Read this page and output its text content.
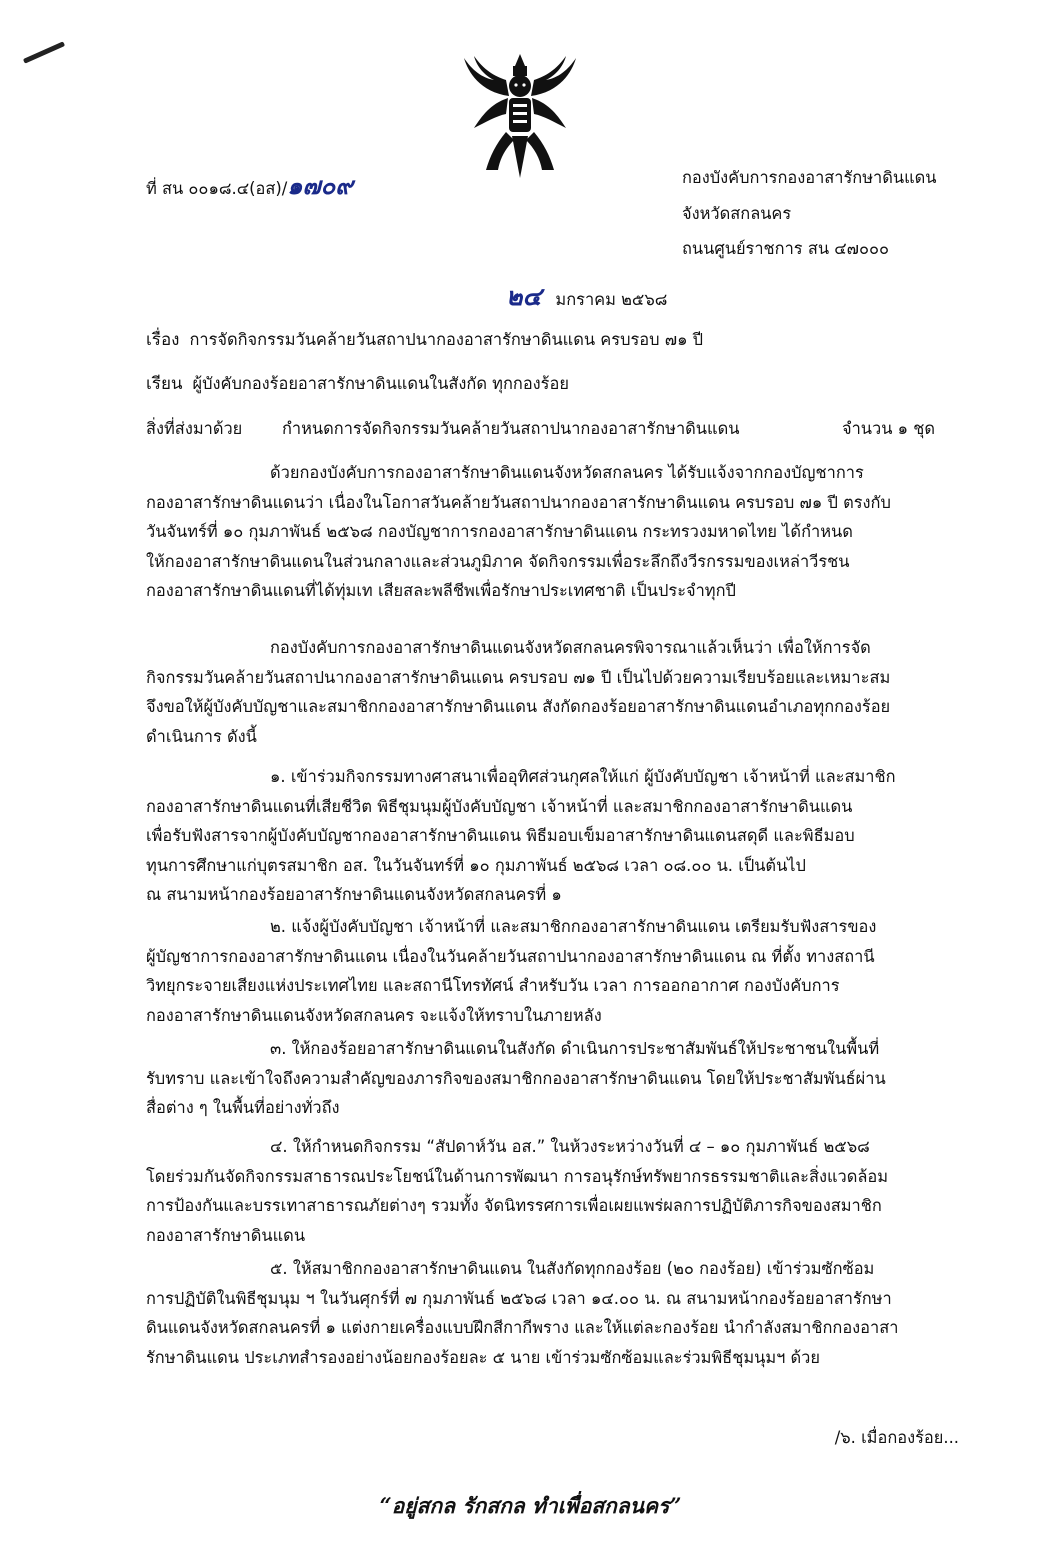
ที่ สน ๐๐๑๘.๔(อส)/๑๗๐๙	กองบังคับการกองอาสารักษาดินแดน
จังหวัดสกลนคร
ถนนศูนย์ราชการ สน ๔๗๐๐๐
๒๔ มกราคม ๒๕๖๘
เรื่อง การจัดกิจกรรมวันคล้ายวันสถาปนากองอาสารักษาดินแดน ครบรอบ ๗๑ ปี
เรียน ผู้บังคับกองร้อยอาสารักษาดินแดนในสังกัด ทุกกองร้อย
สิ่งที่ส่งมาด้วย กำหนดการจัดกิจกรรมวันคล้ายวันสถาปนากองอาสารักษาดินแดน	จำนวน ๑ ชุด

ด้วยกองบังคับการกองอาสารักษาดินแดนจังหวัดสกลนคร ได้รับแจ้งจากกองบัญชาการ

กองอาสารักษาดินแดนว่า เนื่องในโอกาสวันคล้ายวันสถาปนากองอาสารักษาดินแดน ครบรอบ ๗๑ ปี ตรงกับ

วันจันทร์ที่ ๑๐ กุมภาพันธ์ ๒๕๖๘ กองบัญชาการกองอาสารักษาดินแดน กระทรวงมหาดไทย ได้กำหนด

ให้กองอาสารักษาดินแดนในส่วนกลางและส่วนภูมิภาค จัดกิจกรรมเพื่อระลึกถึงวีรกรรมของเหล่าวีรชน

กองอาสารักษาดินแดนที่ได้ทุ่มเท เสียสละพลีชีพเพื่อรักษาประเทศชาติ เป็นประจำทุกปี

กองบังคับการกองอาสารักษาดินแดนจังหวัดสกลนครพิจารณาแล้วเห็นว่า เพื่อให้การจัด

กิจกรรมวันคล้ายวันสถาปนากองอาสารักษาดินแดน ครบรอบ ๗๑ ปี เป็นไปด้วยความเรียบร้อยและเหมาะสม

จึงขอให้ผู้บังคับบัญชาและสมาชิกกองอาสารักษาดินแดน สังกัดกองร้อยอาสารักษาดินแดนอำเภอทุกกองร้อย

ดำเนินการ ดังนี้

๑. เข้าร่วมกิจกรรมทางศาสนาเพื่ออุทิศส่วนกุศลให้แก่ ผู้บังคับบัญชา เจ้าหน้าที่ และสมาชิก

กองอาสารักษาดินแดนที่เสียชีวิต พิธีชุมนุมผู้บังคับบัญชา เจ้าหน้าที่ และสมาชิกกองอาสารักษาดินแดน

เพื่อรับฟังสารจากผู้บังคับบัญชากองอาสารักษาดินแดน พิธีมอบเข็มอาสารักษาดินแดนสดุดี และพิธีมอบ

ทุนการศึกษาแก่บุตรสมาชิก อส. ในวันจันทร์ที่ ๑๐ กุมภาพันธ์ ๒๕๖๘ เวลา ๐๘.๐๐ น. เป็นต้นไป

ณ สนามหน้ากองร้อยอาสารักษาดินแดนจังหวัดสกลนครที่ ๑

๒. แจ้งผู้บังคับบัญชา เจ้าหน้าที่ และสมาชิกกองอาสารักษาดินแดน เตรียมรับฟังสารของ

ผู้บัญชาการกองอาสารักษาดินแดน เนื่องในวันคล้ายวันสถาปนากองอาสารักษาดินแดน ณ ที่ตั้ง ทางสถานี

วิทยุกระจายเสียงแห่งประเทศไทย และสถานีโทรทัศน์ สำหรับวัน เวลา การออกอากาศ กองบังคับการ

กองอาสารักษาดินแดนจังหวัดสกลนคร จะแจ้งให้ทราบในภายหลัง

๓. ให้กองร้อยอาสารักษาดินแดนในสังกัด ดำเนินการประชาสัมพันธ์ให้ประชาชนในพื้นที่

รับทราบ และเข้าใจถึงความสำคัญของภารกิจของสมาชิกกองอาสารักษาดินแดน โดยให้ประชาสัมพันธ์ผ่าน

สื่อต่าง ๆ ในพื้นที่อย่างทั่วถึง

๔. ให้กำหนดกิจกรรม “สัปดาห์วัน อส.” ในห้วงระหว่างวันที่ ๔ – ๑๐ กุมภาพันธ์ ๒๕๖๘

โดยร่วมกันจัดกิจกรรมสาธารณประโยชน์ในด้านการพัฒนา การอนุรักษ์ทรัพยากรธรรมชาติและสิ่งแวดล้อม

การป้องกันและบรรเทาสาธารณภัยต่างๆ รวมทั้ง จัดนิทรรศการเพื่อเผยแพร่ผลการปฏิบัติภารกิจของสมาชิก

กองอาสารักษาดินแดน

๕. ให้สมาชิกกองอาสารักษาดินแดน ในสังกัดทุกกองร้อย (๒๐ กองร้อย) เข้าร่วมซักซ้อม

การปฏิบัติในพิธีชุมนุม ฯ ในวันศุกร์ที่ ๗ กุมภาพันธ์ ๒๕๖๘ เวลา ๑๔.๐๐ น. ณ สนามหน้ากองร้อยอาสารักษา

ดินแดนจังหวัดสกลนครที่ ๑ แต่งกายเครื่องแบบฝึกสีกากีพราง และให้แต่ละกองร้อย นำกำลังสมาชิกกองอาสา

รักษาดินแดน ประเภทสำรองอย่างน้อยกองร้อยละ ๕ นาย เข้าร่วมซักซ้อมและร่วมพิธีชุมนุมฯ ด้วย

/๖. เมื่อกองร้อย...
“อยู่สกล รักสกล ทำเพื่อสกลนคร”
